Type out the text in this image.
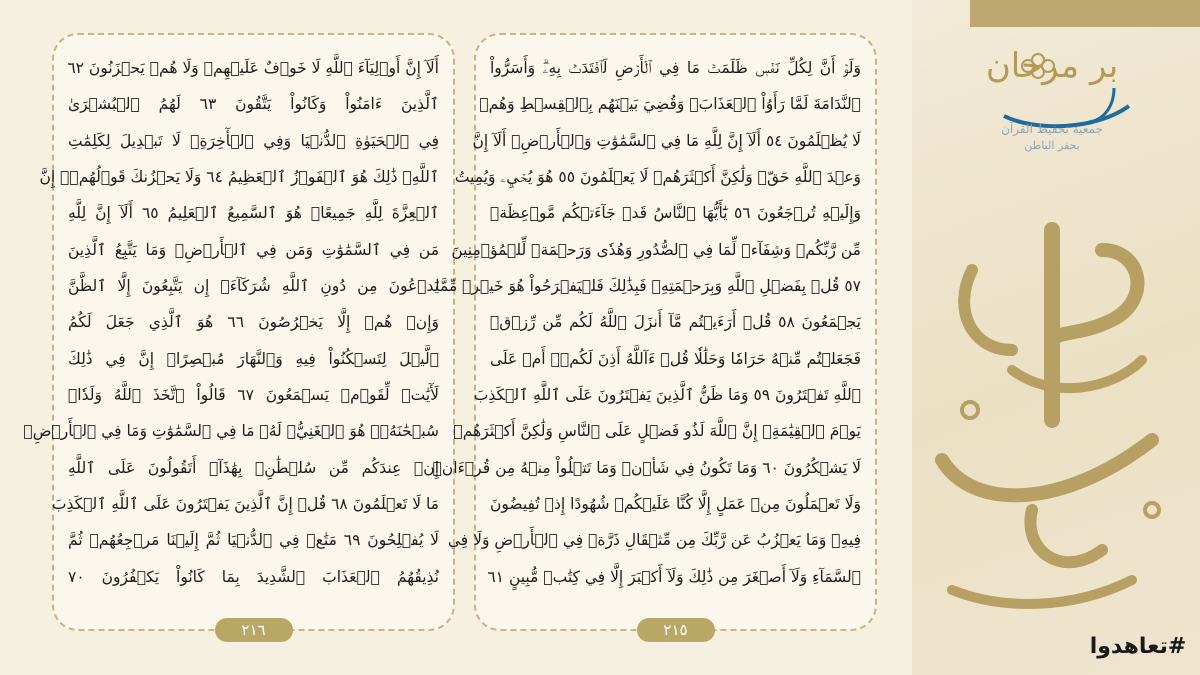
أَلَآ إِنَّ أَوۡلِيَآءَ ٱللَّهِ لَا خَوۡفٌ عَلَيۡهِمۡ وَلَا هُمۡ يَحۡزَنُونَ ٦٢
ٱلَّذِينَ ءَامَنُواْ وَكَانُواْ يَتَّقُونَ ٦٣ لَهُمُ ٱلۡبُشۡرَىٰ
فِي ٱلۡحَيَوٰةِ ٱلدُّنۡيَا وَفِي ٱلۡأٓخِرَةِۚ لَا تَبۡدِيلَ لِكَلِمَٰتِ
ٱللَّهِۚ ذَٰلِكَ هُوَ ٱلۡفَوۡزُ ٱلۡعَظِيمُ ٦٤ وَلَا يَحۡزُنكَ قَوۡلُهُمۡۘ إِنَّ
ٱلۡعِزَّةَ لِلَّهِ جَمِيعًاۚ هُوَ ٱلسَّمِيعُ ٱلۡعَلِيمُ ٦٥ أَلَآ إِنَّ لِلَّهِ
مَن فِي ٱلسَّمَٰوَٰتِ وَمَن فِي ٱلۡأَرۡضِۗ وَمَا يَتَّبِعُ ٱلَّذِينَ
يَدۡعُونَ مِن دُونِ ٱللَّهِ شُرَكَآءَۚ إِن يَتَّبِعُونَ إِلَّا ٱلظَّنَّ
وَإِنۡ هُمۡ إِلَّا يَخۡرُصُونَ ٦٦ هُوَ ٱلَّذِي جَعَلَ لَكُمُ
ٱلَّيۡلَ لِتَسۡكُنُواْ فِيهِ وَٱلنَّهَارَ مُبۡصِرًاۚ إِنَّ فِي ذَٰلِكَ
لَأٓيَٰتٖ لِّقَوۡمٖ يَسۡمَعُونَ ٦٧ قَالُواْ ٱتَّخَذَ ٱللَّهُ وَلَدٗاۗ
سُبۡحَٰنَهُۥۖ هُوَ ٱلۡغَنِيُّۖ لَهُۥ مَا فِي ٱلسَّمَٰوَٰتِ وَمَا فِي ٱلۡأَرۡضِۚ
إِنۡ عِندَكُم مِّن سُلۡطَٰنِۭ بِهَٰذَآۚ أَتَقُولُونَ عَلَى ٱللَّهِ
مَا لَا تَعۡلَمُونَ ٦٨ قُلۡ إِنَّ ٱلَّذِينَ يَفۡتَرُونَ عَلَى ٱللَّهِ ٱلۡكَذِبَ
لَا يُفۡلِحُونَ ٦٩ مَتَٰعٞ فِي ٱلدُّنۡيَا ثُمَّ إِلَيۡنَا مَرۡجِعُهُمۡ ثُمَّ
نُذِيقُهُمُ ٱلۡعَذَابَ ٱلشَّدِيدَ بِمَا كَانُواْ يَكۡفُرُونَ ٧٠
٢١٦
وَلَوۡ أَنَّ لِكُلِّ نَفۡسٖ ظَلَمَتۡ مَا فِي ٱلۡأَرۡضِ لَٱفۡتَدَتۡ بِهِۦۗ وَأَسَرُّواْ
ٱلنَّدَامَةَ لَمَّا رَأَوُاْ ٱلۡعَذَابَۖ وَقُضِيَ بَيۡنَهُم بِٱلۡقِسۡطِ وَهُمۡ
لَا يُظۡلَمُونَ ٥٤ أَلَآ إِنَّ لِلَّهِ مَا فِي ٱلسَّمَٰوَٰتِ وَٱلۡأَرۡضِۗ أَلَآ إِنَّ
وَعۡدَ ٱللَّهِ حَقّٞ وَلَٰكِنَّ أَكۡثَرَهُمۡ لَا يَعۡلَمُونَ ٥٥ هُوَ يُحۡيِۦ وَيُمِيتُ
وَإِلَيۡهِ تُرۡجَعُونَ ٥٦ يَٰٓأَيُّهَا ٱلنَّاسُ قَدۡ جَآءَتۡكُم مَّوۡعِظَةٞ
مِّن رَّبِّكُمۡ وَشِفَآءٞ لِّمَا فِي ٱلصُّدُورِ وَهُدٗى وَرَحۡمَةٞ لِّلۡمُؤۡمِنِينَ
٥٧ قُلۡ بِفَضۡلِ ٱللَّهِ وَبِرَحۡمَتِهِۦ فَبِذَٰلِكَ فَلۡيَفۡرَحُواْ هُوَ خَيۡرٞ مِّمَّا
يَجۡمَعُونَ ٥٨ قُلۡ أَرَءَيۡتُم مَّآ أَنزَلَ ٱللَّهُ لَكُم مِّن رِّزۡقٖ
فَجَعَلۡتُم مِّنۡهُ حَرَامٗا وَحَلَٰلٗا قُلۡ ءَآللَّهُ أَذِنَ لَكُمۡۖ أَمۡ عَلَى
ٱللَّهِ تَفۡتَرُونَ ٥٩ وَمَا ظَنُّ ٱلَّذِينَ يَفۡتَرُونَ عَلَى ٱللَّهِ ٱلۡكَذِبَ
يَوۡمَ ٱلۡقِيَٰمَةِۗ إِنَّ ٱللَّهَ لَذُو فَضۡلٍ عَلَى ٱلنَّاسِ وَلَٰكِنَّ أَكۡثَرَهُمۡ
لَا يَشۡكُرُونَ ٦٠ وَمَا تَكُونُ فِي شَأۡنٖ وَمَا تَتۡلُواْ مِنۡهُ مِن قُرۡءَانٖ
وَلَا تَعۡمَلُونَ مِنۡ عَمَلٍ إِلَّا كُنَّا عَلَيۡكُمۡ شُهُودًا إِذۡ تُفِيضُونَ
فِيهِۚ وَمَا يَعۡزُبُ عَن رَّبِّكَ مِن مِّثۡقَالِ ذَرَّةٖ فِي ٱلۡأَرۡضِ وَلَا فِي
ٱلسَّمَآءِ وَلَآ أَصۡغَرَ مِن ذَٰلِكَ وَلَآ أَكۡبَرَ إِلَّا فِي كِتَٰبٖ مُّبِينٍ ٦١
٢١٥
بر مرحان
جمعية تحفيظ القرآن
بحفر الباطن
#تعاهدوا
